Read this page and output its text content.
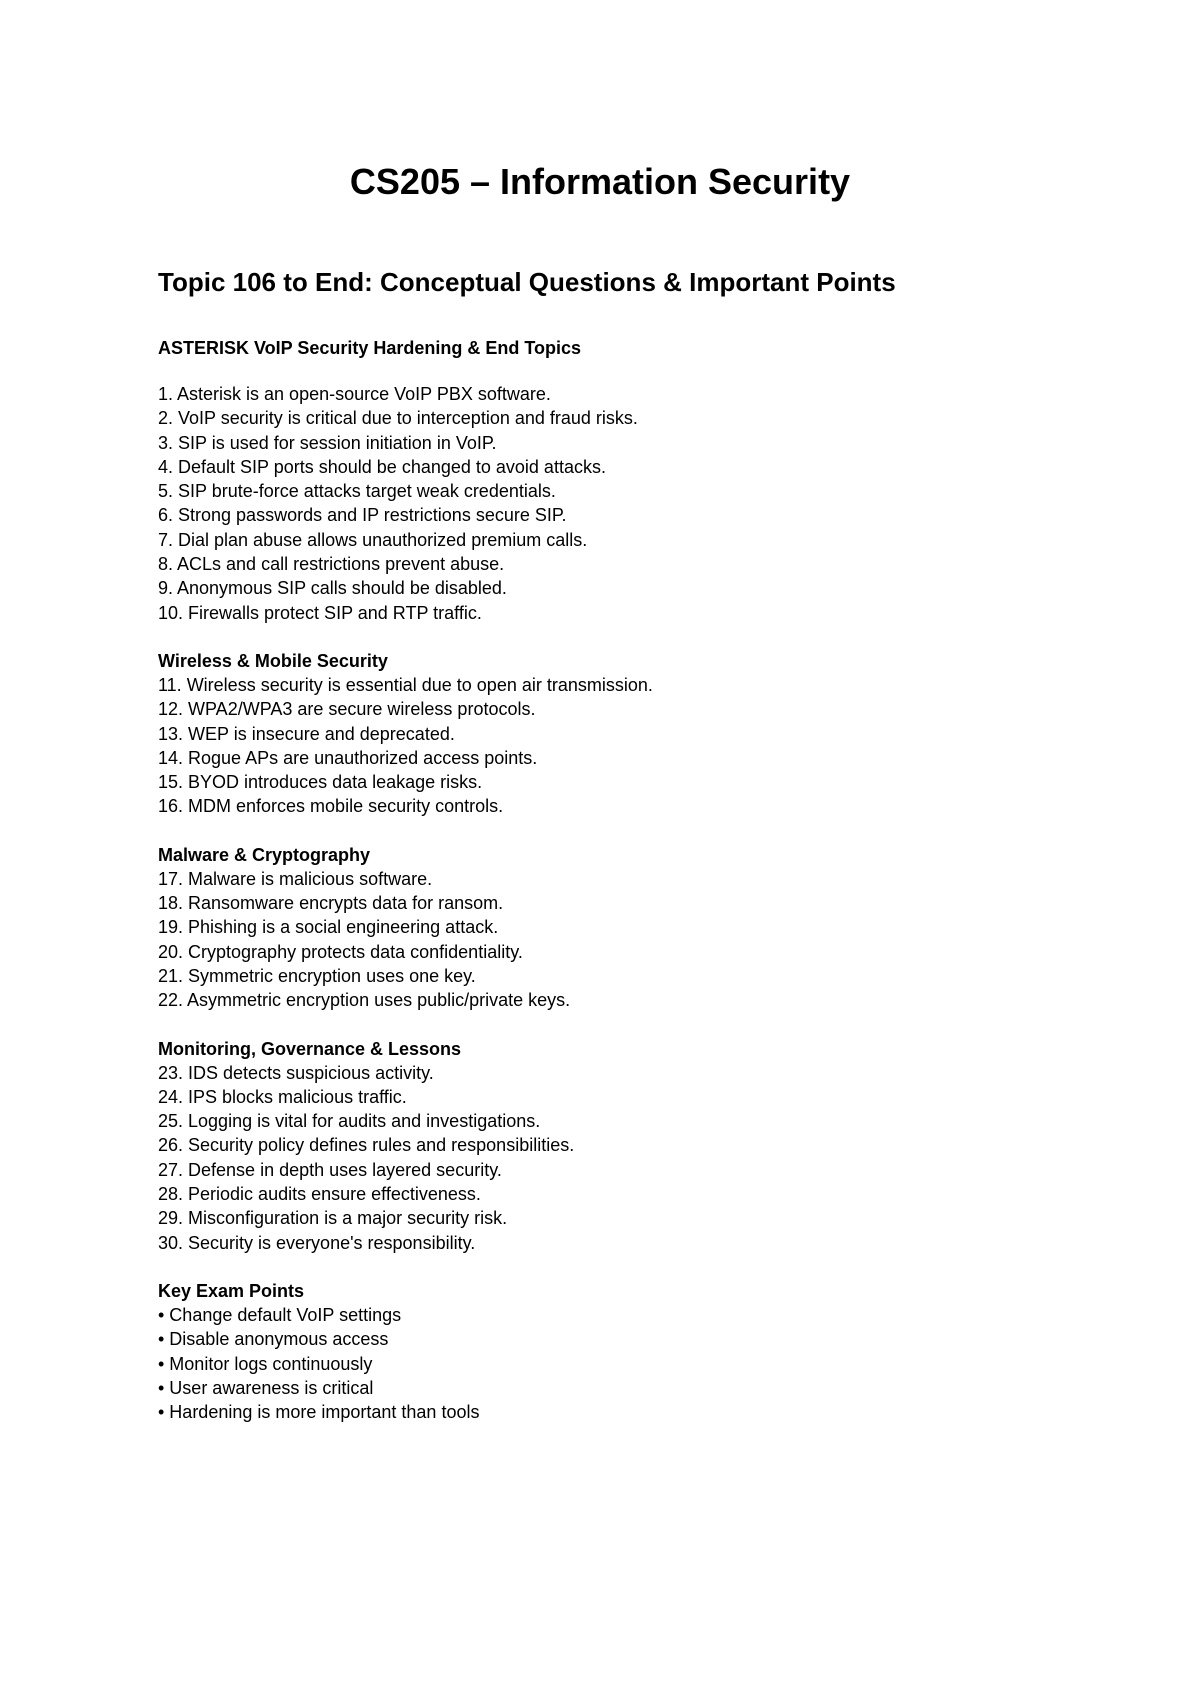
CS205 – Information Security
Topic 106 to End: Conceptual Questions & Important Points

ASTERISK VoIP Security Hardening & End Topics

1. Asterisk is an open-source VoIP PBX software.

2. VoIP security is critical due to interception and fraud risks.

3. SIP is used for session initiation in VoIP.

4. Default SIP ports should be changed to avoid attacks.

5. SIP brute-force attacks target weak credentials.

6. Strong passwords and IP restrictions secure SIP.

7. Dial plan abuse allows unauthorized premium calls.

8. ACLs and call restrictions prevent abuse.

9. Anonymous SIP calls should be disabled.

10. Firewalls protect SIP and RTP traffic.

Wireless & Mobile Security

11. Wireless security is essential due to open air transmission.

12. WPA2/WPA3 are secure wireless protocols.

13. WEP is insecure and deprecated.

14. Rogue APs are unauthorized access points.

15. BYOD introduces data leakage risks.

16. MDM enforces mobile security controls.

Malware & Cryptography

17. Malware is malicious software.

18. Ransomware encrypts data for ransom.

19. Phishing is a social engineering attack.

20. Cryptography protects data confidentiality.

21. Symmetric encryption uses one key.

22. Asymmetric encryption uses public/private keys.

Monitoring, Governance & Lessons

23. IDS detects suspicious activity.

24. IPS blocks malicious traffic.

25. Logging is vital for audits and investigations.

26. Security policy defines rules and responsibilities.

27. Defense in depth uses layered security.

28. Periodic audits ensure effectiveness.

29. Misconfiguration is a major security risk.

30. Security is everyone's responsibility.

Key Exam Points

• Change default VoIP settings

• Disable anonymous access

• Monitor logs continuously

• User awareness is critical

• Hardening is more important than tools
